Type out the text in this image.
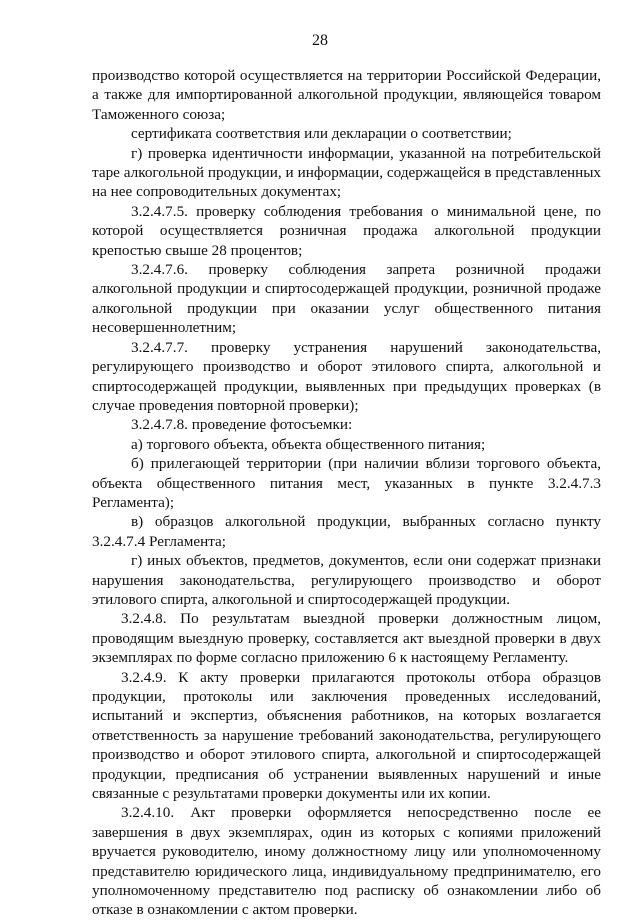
28

производство которой осуществляется на территории Российской Федерации, а также для импортированной алкогольной продукции, являющейся товаром Таможенного союза;

сертификата соответствия или декларации о соответствии;

г) проверка идентичности информации, указанной на потребительской таре алкогольной продукции, и информации, содержащейся в представленных на нее сопроводительных документах;

3.2.4.7.5. проверку соблюдения требования о минимальной цене, по которой осуществляется розничная продажа алкогольной продукции крепостью свыше 28 процентов;

3.2.4.7.6. проверку соблюдения запрета розничной продажи алкогольной продукции и спиртосодержащей продукции, розничной продаже алкогольной продукции при оказании услуг общественного питания несовершеннолетним;

3.2.4.7.7. проверку устранения нарушений законодательства, регулирующего производство и оборот этилового спирта, алкогольной и спиртосодержащей продукции, выявленных при предыдущих проверках (в случае проведения повторной проверки);

3.2.4.7.8. проведение фотосъемки:

а) торгового объекта, объекта общественного питания;

б) прилегающей территории (при наличии вблизи торгового объекта, объекта общественного питания мест, указанных в пункте 3.2.4.7.3 Регламента);

в) образцов алкогольной продукции, выбранных согласно пункту 3.2.4.7.4 Регламента;

г) иных объектов, предметов, документов, если они содержат признаки нарушения законодательства, регулирующего производство и оборот этилового спирта, алкогольной и спиртосодержащей продукции.

3.2.4.8. По результатам выездной проверки должностным лицом, проводящим выездную проверку, составляется акт выездной проверки в двух экземплярах по форме согласно приложению 6 к настоящему Регламенту.

3.2.4.9. К акту проверки прилагаются протоколы отбора образцов продукции, протоколы или заключения проведенных исследований, испытаний и экспертиз, объяснения работников, на которых возлагается ответственность за нарушение требований законодательства, регулирующего производство и оборот этилового спирта, алкогольной и спиртосодержащей продукции, предписания об устранении выявленных нарушений и иные связанные с результатами проверки документы или их копии.

3.2.4.10. Акт проверки оформляется непосредственно после ее завершения в двух экземплярах, один из которых с копиями приложений вручается руководителю, иному должностному лицу или уполномоченному представителю юридического лица, индивидуальному предпринимателю, его уполномоченному представителю под расписку об ознакомлении либо об отказе в ознакомлении с актом проверки.
